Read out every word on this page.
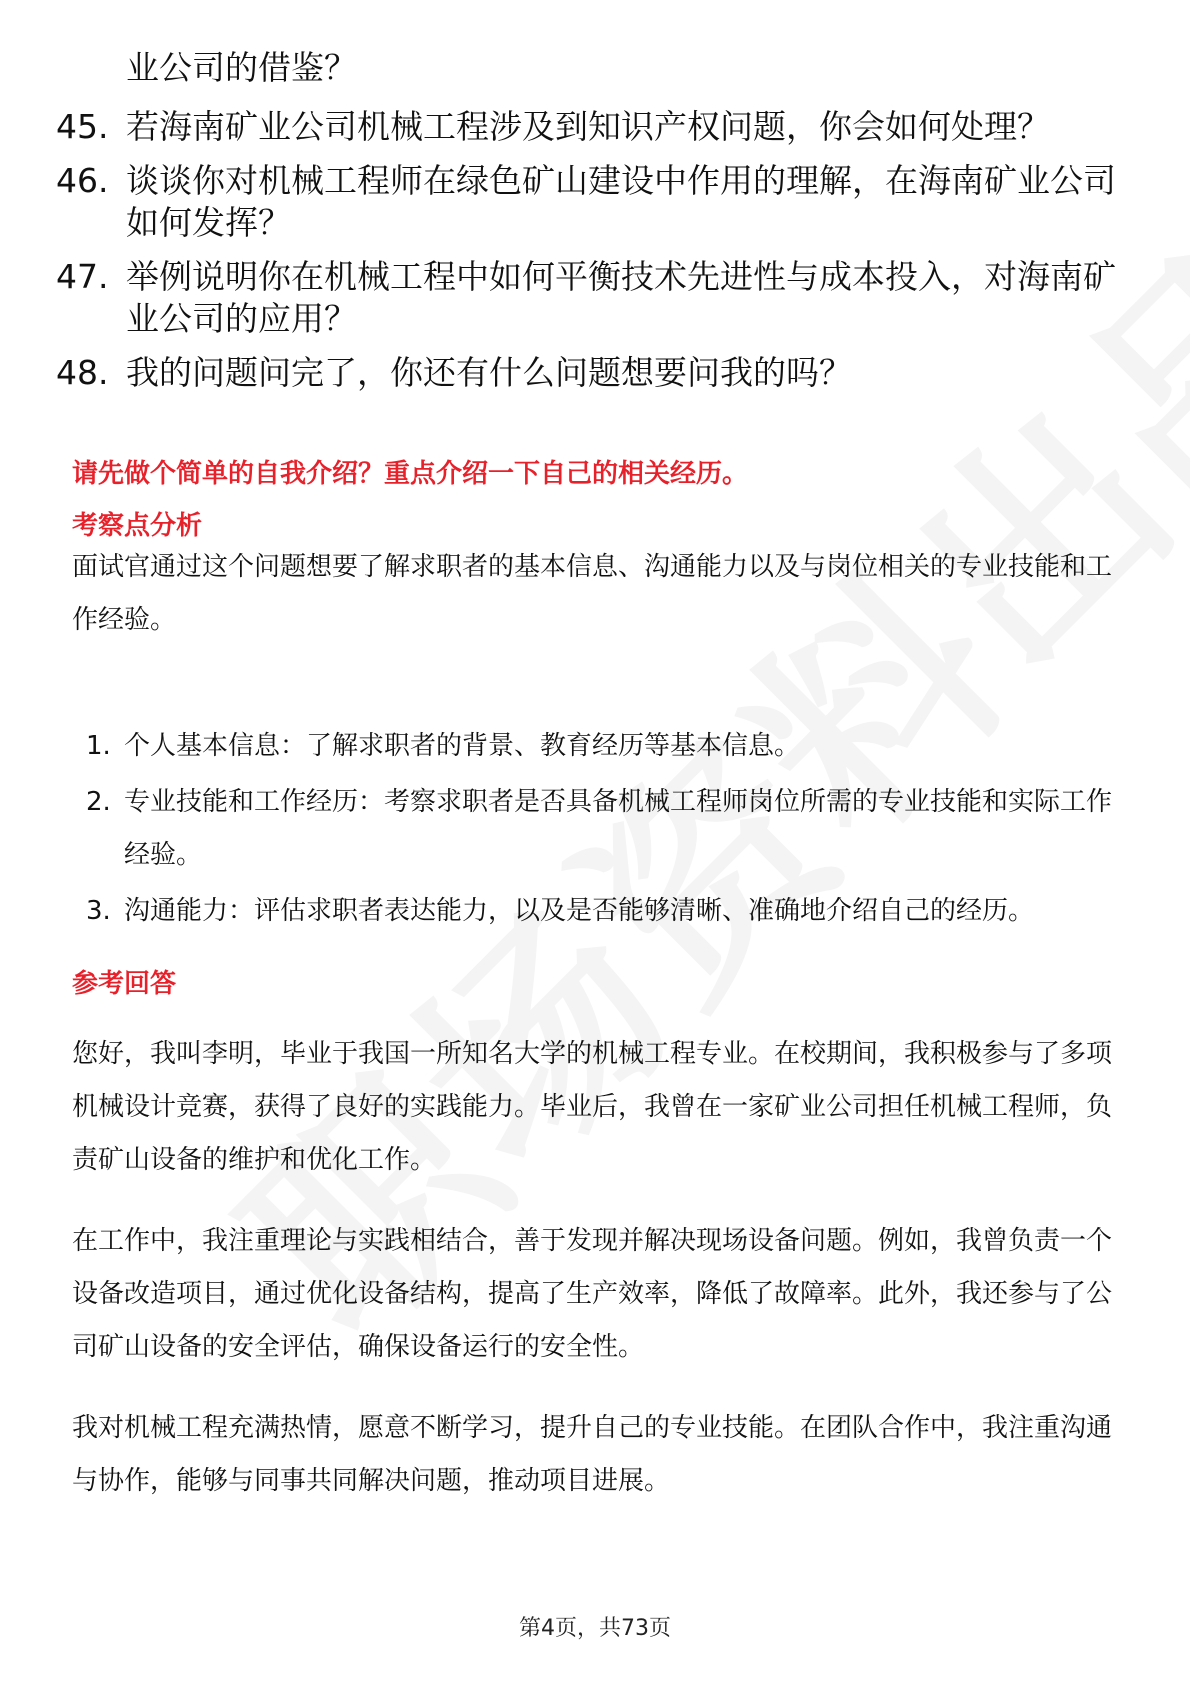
业公司的借鉴？
45. 若海南矿业公司机械工程涉及到知识产权问题，你会如何处理？
46. 谈谈你对机械工程师在绿色矿山建设中作用的理解，在海南矿业公司如何发挥？
47. 举例说明你在机械工程中如何平衡技术先进性与成本投入，对海南矿业公司的应用？
48. 我的问题问完了，你还有什么问题想要问我的吗？
请先做个简单的自我介绍？重点介绍一下自己的相关经历。
考察点分析

面试官通过这个问题想要了解求职者的基本信息、沟通能力以及与岗位相关的专业技能和工作经验。

1. 个人基本信息：了解求职者的背景、教育经历等基本信息。
2. 专业技能和工作经历：考察求职者是否具备机械工程师岗位所需的专业技能和实际工作经验。
3. 沟通能力：评估求职者表达能力，以及是否能够清晰、准确地介绍自己的经历。
参考回答

您好，我叫李明，毕业于我国一所知名大学的机械工程专业。在校期间，我积极参与了多项机械设计竞赛，获得了良好的实践能力。毕业后，我曾在一家矿业公司担任机械工程师，负责矿山设备的维护和优化工作。

在工作中，我注重理论与实践相结合，善于发现并解决现场设备问题。例如，我曾负责一个设备改造项目，通过优化设备结构，提高了生产效率，降低了故障率。此外，我还参与了公司矿山设备的安全评估，确保设备运行的安全性。

我对机械工程充满热情，愿意不断学习，提升自己的专业技能。在团队合作中，我注重沟通与协作，能够与同事共同解决问题，推动项目进展。

第4页，共73页
